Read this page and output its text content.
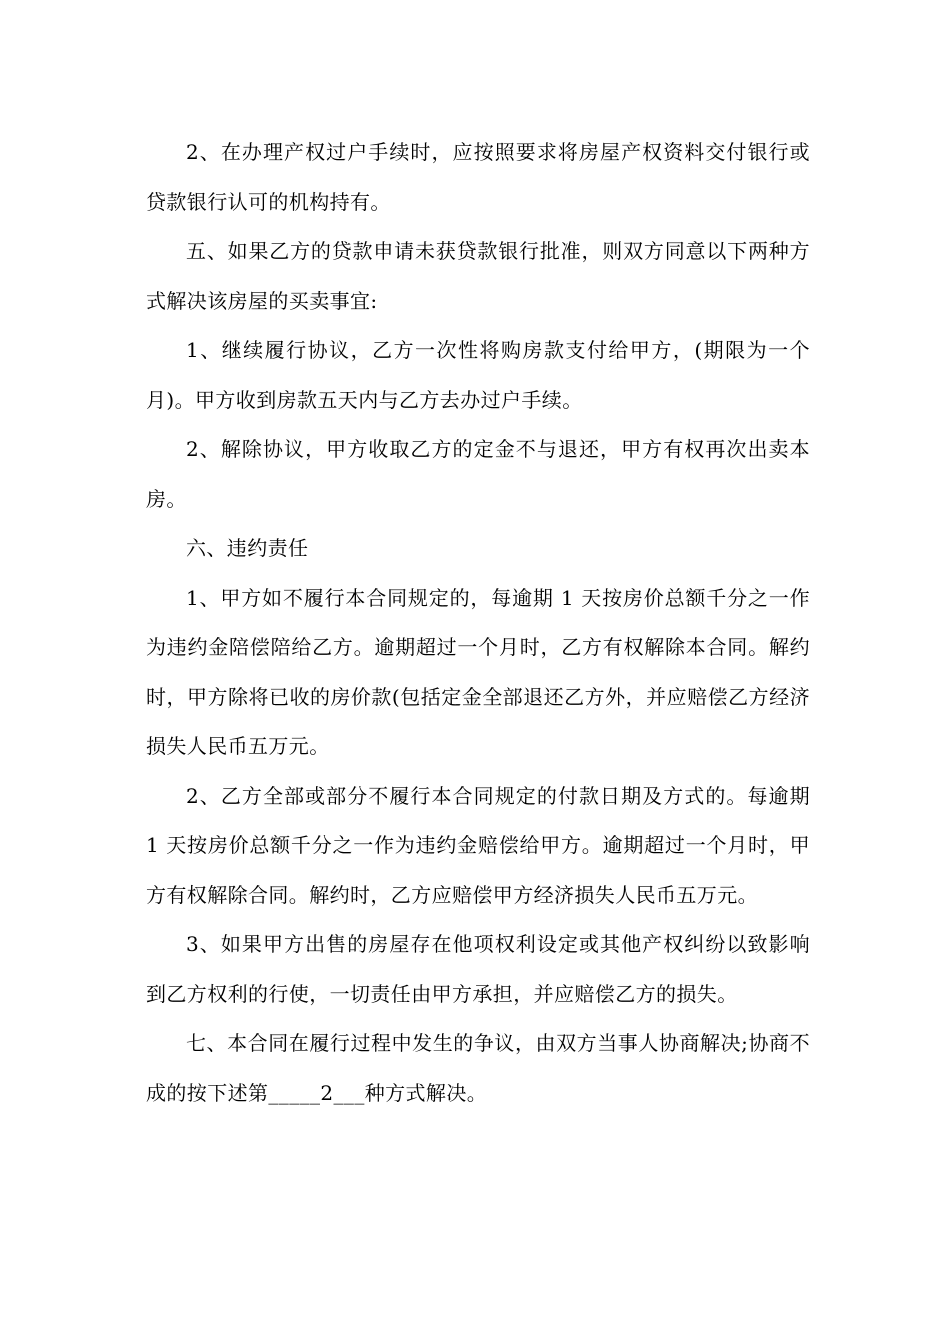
2、在办理产权过户手续时，应按照要求将房屋产权资料交付银行或贷款银行认可的机构持有。

五、如果乙方的贷款申请未获贷款银行批准，则双方同意以下两种方式解决该房屋的买卖事宜:

1、继续履行协议，乙方一次性将购房款支付给甲方，(期限为一个月)。甲方收到房款五天内与乙方去办过户手续。

2、解除协议，甲方收取乙方的定金不与退还，甲方有权再次出卖本房。

六、违约责任

1、甲方如不履行本合同规定的，每逾期 1 天按房价总额千分之一作为违约金陪偿陪给乙方。逾期超过一个月时，乙方有权解除本合同。解约时，甲方除将已收的房价款(包括定金全部退还乙方外，并应赔偿乙方经济损失人民币五万元。

2、乙方全部或部分不履行本合同规定的付款日期及方式的。每逾期 1 天按房价总额千分之一作为违约金赔偿给甲方。逾期超过一个月时，甲方有权解除合同。解约时，乙方应赔偿甲方经济损失人民币五万元。

3、如果甲方出售的房屋存在他项权利设定或其他产权纠纷以致影响到乙方权利的行使，一切责任由甲方承担，并应赔偿乙方的损失。

七、本合同在履行过程中发生的争议，由双方当事人协商解决;协商不成的按下述第_____2___种方式解决。
